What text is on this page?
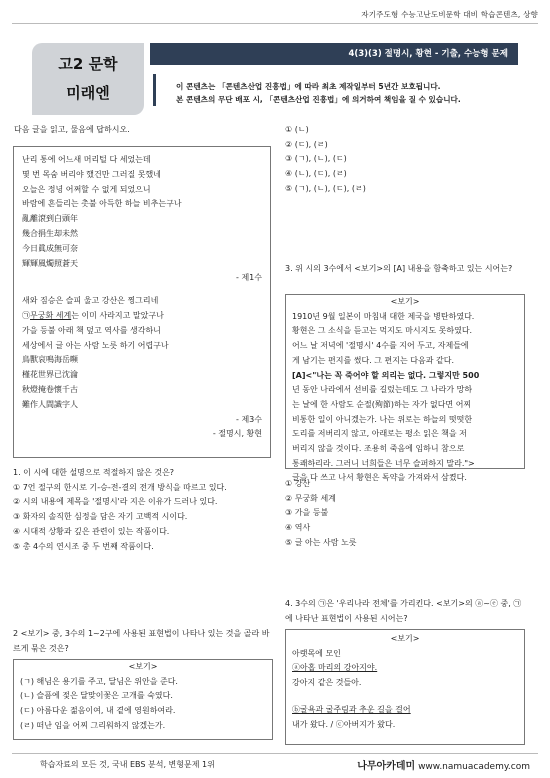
자기주도형 수능고난도비문학 대비 학습콘텐츠, 상향
고2 문학
미래엔
4(3)(3) 절명시, 황현 - 기출, 수능형 문제
이 콘텐츠는 「콘텐츠산업 진흥법」에 따라 최초 제작일부터 5년간 보호됩니다.
본 콘텐츠의 무단 배포 시, 「콘텐츠산업 진흥법」에 의거하여 책임을 질 수 있습니다.
다음 글을 읽고, 물음에 답하시오.
난리 통에 어느새 머리털 다 세었는데
몇 번 목숨 버리야 했건만 그러질 못했네
오늘은 정녕 어쩌할 수 없게 되었으니
바람에 흔들리는 촛불 아득한 하늘 비추는구나
亂離滾到白頭年
幾合捐生却未然
今日眞成無可奈
輝輝風燭照蒼天
- 제1수
새와 짐승은 슬피 울고 강산은 찡그리네
㉠무궁화 세계는 이미 사라지고 말았구나
가을 등불 아래 책 덮고 역사를 생각하니
세상에서 글 아는 사람 노릇 하기 어렵구나
鳥獸哀鳴海岳嚬
槿花世界已沈淪
秋燈掩卷懷千古
難作人間識字人
- 제3수
- 절명시, 황현

1. 이 시에 대한 설명으로 적절하지 않은 것은?

① 7언 절구의 한시로 기-승-전-결의 전개 방식을 따르고 있다.

② 시의 내용에 제목을 '절명시'라 지은 이유가 드러나 있다.

③ 화자의 솔직한 심정을 담은 자기 고백적 시이다.

④ 시대적 상황과 깊은 관련이 있는 작품이다.

⑤ 총 4수의 연시조 중 두 번째 작품이다.

2 <보기> 중, 3수의 1~2구에 사용된 표현법이 나타나 있는 것을 골라 바르게 묶은 것은?

<보기>
(ㄱ) 해님은 용기를 주고, 달님은 위안을 준다.
(ㄴ) 슬픔에 젖은 달맞이꽃은 고개를 숙였다.
(ㄷ) 아름다운 젊음이여, 내 곁에 영원하여라.
(ㄹ) 떠난 임을 어찌 그리워하지 않겠는가.
① (ㄴ)
② (ㄷ), (ㄹ)
③ (ㄱ), (ㄴ), (ㄷ)
④ (ㄴ), (ㄷ), (ㄹ)
⑤ (ㄱ), (ㄴ), (ㄷ), (ㄹ)
3. 위 시의 3수에서 <보기>의 [A] 내용을 함축하고 있는 시어는?
<보기>
1910년 9월 일본이 마침내 대한 제국을 병탄하였다.
황현은 그 소식을 듣고는 먹지도 마시지도 못하였다.
어느 날 저녁에 '절명시' 4수를 지어 두고, 자제들에
게 남기는 편지를 썼다. 그 편지는 다음과 같다.
[A]<"나는 꼭 죽어야 할 의리는 없다. 그렇지만 500
년 동안 나라에서 선비를 길렀는데도 그 나라가 망하
는 날에 한 사람도 순절(殉節)하는 자가 없다면 어찌
비통한 일이 아니겠는가. 나는 위로는 하늘의 떳떳한
도리를 저버리지 않고, 아래로는 평소 읽은 책을 저
버리지 않을 것이다. 조용히 죽음에 임하니 참으로
통쾌하리라. 그러니 너희들은 너무 슬퍼하지 말라.">
글을 다 쓰고 나서 황현은 독약을 가져와서 삼켰다.
① 강산
② 무궁화 세계
③ 가을 등불
④ 역사
⑤ 글 아는 사람 노릇
4. 3수의 ㉠은 '우리나라 전체'를 가리킨다. <보기>의 ⓐ~ⓔ 중, ㉠에 나타난 표현법이 사용된 시어는?
<보기>
아랫목에 모인
ⓐ아홉 마리의 강아지야.
강아지 같은 것들아.
ⓑ굴욕과 굴주림과 추운 길을 걸어
내가 왔다. / ⓒ아버지가 왔다.
학습자료의 모든 것, 국내 EBS 분석, 변형문제 1위	나무아카데미 www.namuacademy.com
